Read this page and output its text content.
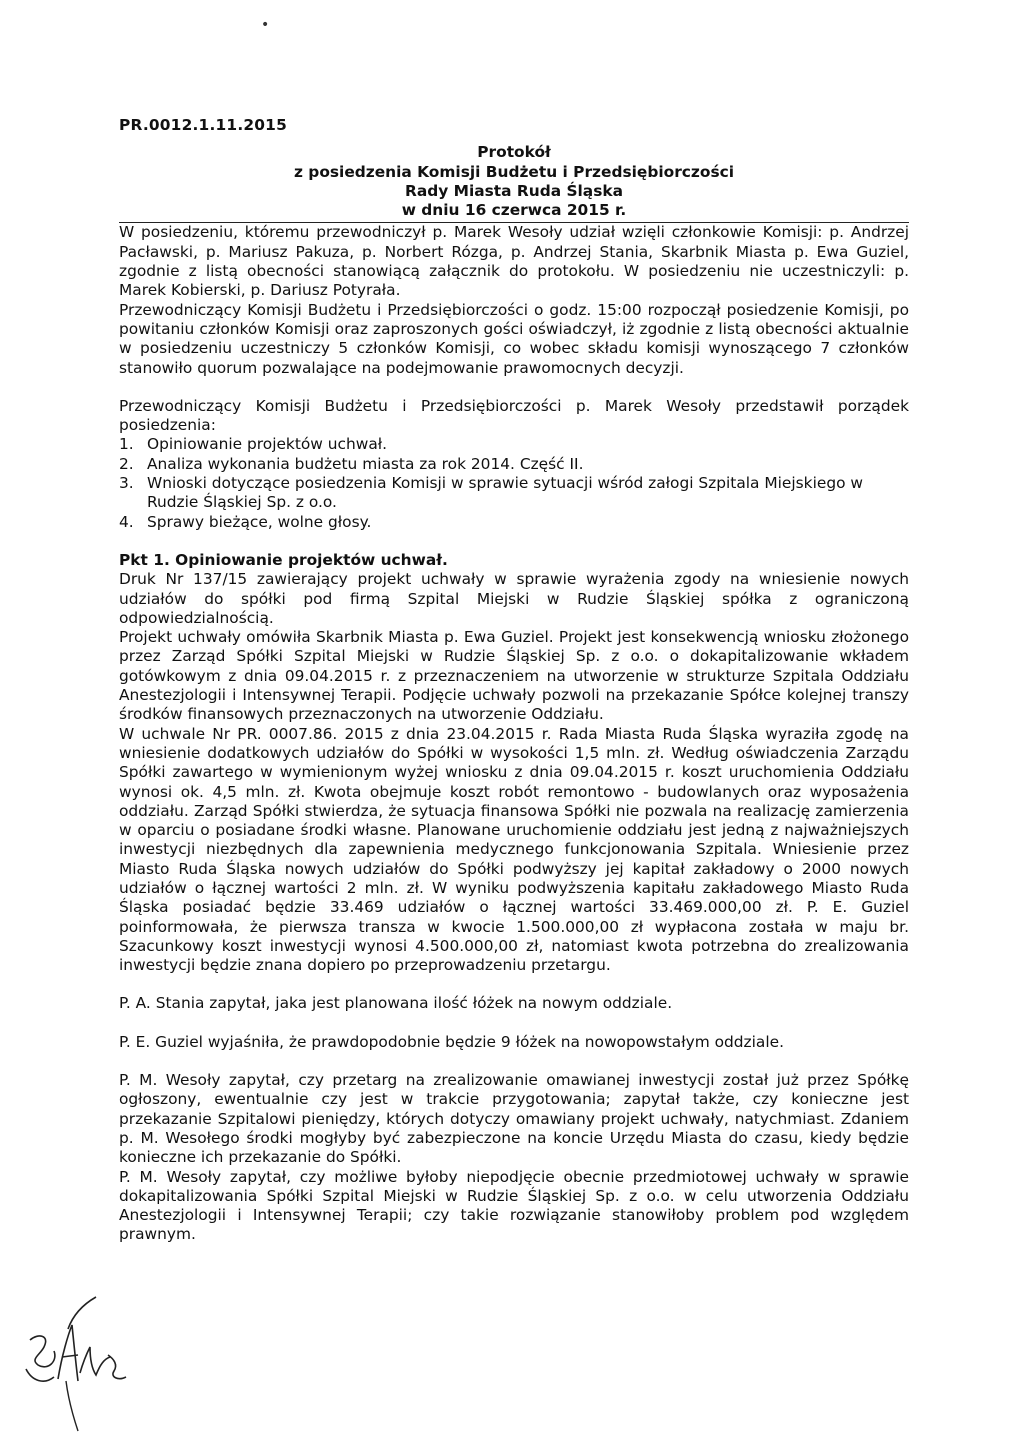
•
PR.0012.1.11.2015
Protokół
z posiedzenia Komisji Budżetu i Przedsiębiorczości
Rady Miasta Ruda Śląska
w dniu 16 czerwca 2015 r.

W posiedzeniu, któremu przewodniczył p. Marek Wesoły udział wzięli członkowie Komisji: p. Andrzej Pacławski, p. Mariusz Pakuza, p. Norbert Rózga, p. Andrzej Stania, Skarbnik Miasta p. Ewa Guziel, zgodnie z listą obecności stanowiącą załącznik do protokołu. W posiedzeniu nie uczestniczyli: p. Marek Kobierski, p. Dariusz Potyrała.

Przewodniczący Komisji Budżetu i Przedsiębiorczości o godz. 15:00 rozpoczął posiedzenie Komisji, po powitaniu członków Komisji oraz zaproszonych gości oświadczył, iż zgodnie z listą obecności aktualnie w posiedzeniu uczestniczy 5 członków Komisji, co wobec składu komisji wynoszącego 7 członków stanowiło quorum pozwalające na podejmowanie prawomocnych decyzji.

Przewodniczący Komisji Budżetu i Przedsiębiorczości p. Marek Wesoły przedstawił porządek posiedzenia:

1. Opiniowanie projektów uchwał.
2. Analiza wykonania budżetu miasta za rok 2014. Część II.
3. Wnioski dotyczące posiedzenia Komisji w sprawie sytuacji wśród załogi Szpitala Miejskiego w Rudzie Śląskiej Sp. z o.o.
4. Sprawy bieżące, wolne głosy.

Pkt 1. Opiniowanie projektów uchwał.

Druk Nr 137/15 zawierający projekt uchwały w sprawie wyrażenia zgody na wniesienie nowych udziałów do spółki pod firmą Szpital Miejski w Rudzie Śląskiej spółka z ograniczoną odpowiedzialnością.

Projekt uchwały omówiła Skarbnik Miasta p. Ewa Guziel. Projekt jest konsekwencją wniosku złożonego przez Zarząd Spółki Szpital Miejski w Rudzie Śląskiej Sp. z o.o. o dokapitalizowanie wkładem gotówkowym z dnia 09.04.2015 r. z przeznaczeniem na utworzenie w strukturze Szpitala Oddziału Anestezjologii i Intensywnej Terapii. Podjęcie uchwały pozwoli na przekazanie Spółce kolejnej transzy środków finansowych przeznaczonych na utworzenie Oddziału.

W uchwale Nr PR. 0007.86. 2015 z dnia 23.04.2015 r. Rada Miasta Ruda Śląska wyraziła zgodę na wniesienie dodatkowych udziałów do Spółki w wysokości 1,5 mln. zł. Według oświadczenia Zarządu Spółki zawartego w wymienionym wyżej wniosku z dnia 09.04.2015 r. koszt uruchomienia Oddziału wynosi ok. 4,5 mln. zł. Kwota obejmuje koszt robót remontowo - budowlanych oraz wyposażenia oddziału. Zarząd Spółki stwierdza, że sytuacja finansowa Spółki nie pozwala na realizację zamierzenia w oparciu o posiadane środki własne. Planowane uruchomienie oddziału jest jedną z najważniejszych inwestycji niezbędnych dla zapewnienia medycznego funkcjonowania Szpitala. Wniesienie przez Miasto Ruda Śląska nowych udziałów do Spółki podwyższy jej kapitał zakładowy o 2000 nowych udziałów o łącznej wartości 2 mln. zł. W wyniku podwyższenia kapitału zakładowego Miasto Ruda Śląska posiadać będzie 33.469 udziałów o łącznej wartości 33.469.000,00 zł. P. E. Guziel poinformowała, że pierwsza transza w kwocie 1.500.000,00 zł wypłacona została w maju br. Szacunkowy koszt inwestycji wynosi 4.500.000,00 zł, natomiast kwota potrzebna do zrealizowania inwestycji będzie znana dopiero po przeprowadzeniu przetargu.

P. A. Stania zapytał, jaka jest planowana ilość łóżek na nowym oddziale.

P. E. Guziel wyjaśniła, że prawdopodobnie będzie 9 łóżek na nowopowstałym oddziale.

P. M. Wesoły zapytał, czy przetarg na zrealizowanie omawianej inwestycji został już przez Spółkę ogłoszony, ewentualnie czy jest w trakcie przygotowania; zapytał także, czy konieczne jest przekazanie Szpitalowi pieniędzy, których dotyczy omawiany projekt uchwały, natychmiast. Zdaniem p. M. Wesołego środki mogłyby być zabezpieczone na koncie Urzędu Miasta do czasu, kiedy będzie konieczne ich przekazanie do Spółki.

P. M. Wesoły zapytał, czy możliwe byłoby niepodjęcie obecnie przedmiotowej uchwały w sprawie dokapitalizowania Spółki Szpital Miejski w Rudzie Śląskiej Sp. z o.o. w celu utworzenia Oddziału Anestezjologii i Intensywnej Terapii; czy takie rozwiązanie stanowiłoby problem pod względem prawnym.
